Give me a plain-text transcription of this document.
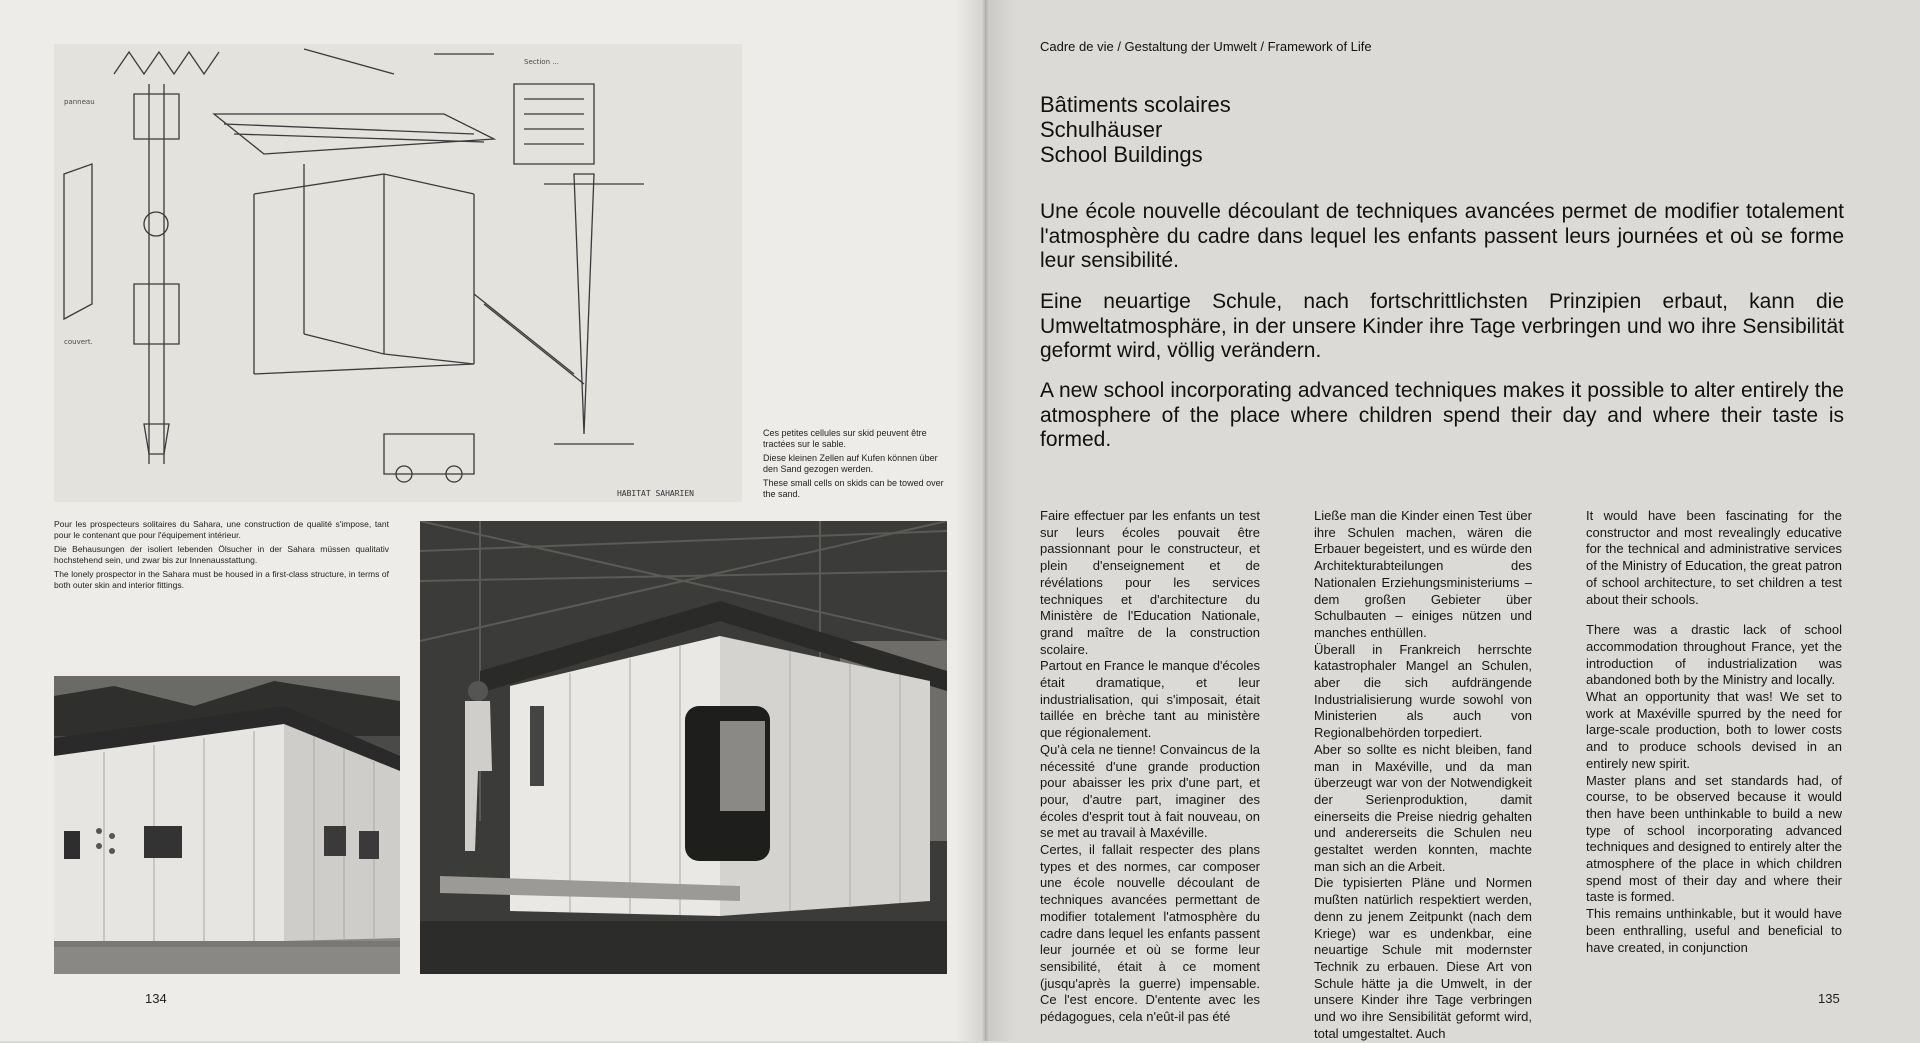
panneau
couvert.
Section ...
HABITAT SAHARIEN

Ces petites cellules sur skid peuvent être tractées sur le sable.

Diese kleinen Zellen auf Kufen können über den Sand gezogen werden.

These small cells on skids can be towed over the sand.

Pour les prospecteurs solitaires du Sahara, une construction de qualité s'impose, tant pour le contenant que pour l'équipement intérieur.

Die Behausungen der isoliert lebenden Ölsucher in der Sahara müssen qualitativ hochstehend sein, und zwar bis zur Innenausstattung.

The lonely prospector in the Sahara must be housed in a first-class structure, in terms of both outer skin and interior fittings.

134
Cadre de vie / Gestaltung der Umwelt / Framework of Life
Bâtiments scolaires
Schulhäuser
School Buildings
Une école nouvelle découlant de techniques avancées permet de modifier totalement l'atmosphère du cadre dans lequel les enfants passent leurs journées et où se forme leur sensibilité.
Eine neuartige Schule, nach fortschrittlichsten Prinzipien erbaut, kann die Umweltatmosphäre, in der unsere Kinder ihre Tage verbringen und wo ihre Sensibilität geformt wird, völlig verändern.
A new school incorporating advanced techniques makes it possible to alter entirely the atmosphere of the place where children spend their day and where their taste is formed.

Faire effectuer par les enfants un test sur leurs écoles pouvait être passionnant pour le constructeur, et plein d'enseignement et de révélations pour les services techniques et d'architecture du Ministère de l'Education Nationale, grand maître de la construction scolaire.

Partout en France le manque d'écoles était dramatique, et leur industrialisation, qui s'imposait, était taillée en brèche tant au ministère que régionalement.

Qu'à cela ne tienne! Convaincus de la nécessité d'une grande production pour abaisser les prix d'une part, et pour, d'autre part, imaginer des écoles d'esprit tout à fait nouveau, on se met au travail à Maxéville.

Certes, il fallait respecter des plans types et des normes, car composer une école nouvelle découlant de techniques avancées permettant de modifier totalement l'atmosphère du cadre dans lequel les enfants passent leur journée et où se forme leur sensibilité, était à ce moment (jusqu'après la guerre) impensable. Ce l'est encore. D'entente avec les pédagogues, cela n'eût-il pas été

Ließe man die Kinder einen Test über ihre Schulen machen, wären die Erbauer begeistert, und es würde den Architekturabteilungen des Nationalen Erziehungsministeriums – dem großen Gebieter über Schulbauten – einiges nützen und manches enthüllen.

Überall in Frankreich herrschte katastrophaler Mangel an Schulen, aber die sich aufdrängende Industrialisierung wurde sowohl von Ministerien als auch von Regionalbehörden torpediert.

Aber so sollte es nicht bleiben, fand man in Maxéville, und da man überzeugt war von der Notwendigkeit der Serienproduktion, damit einerseits die Preise niedrig gehalten und andererseits die Schulen neu gestaltet werden konnten, machte man sich an die Arbeit.

Die typisierten Pläne und Normen mußten natürlich respektiert werden, denn zu jenem Zeitpunkt (nach dem Kriege) war es undenkbar, eine neuartige Schule mit modernster Technik zu erbauen. Diese Art von Schule hätte ja die Umwelt, in der unsere Kinder ihre Tage verbringen und wo ihre Sensibilität geformt wird, total umgestaltet. Auch

It would have been fascinating for the constructor and most revealingly educative for the technical and administrative services of the Ministry of Education, the great patron of school architecture, to set children a test about their schools.

There was a drastic lack of school accommodation throughout France, yet the introduction of industrialization was abandoned both by the Ministry and locally.

What an opportunity that was! We set to work at Maxéville spurred by the need for large-scale production, both to lower costs and to produce schools devised in an entirely new spirit.

Master plans and set standards had, of course, to be observed because it would then have been unthinkable to build a new type of school incorporating advanced techniques and designed to entirely alter the atmosphere of the place in which children spend most of their day and where their taste is formed.

This remains unthinkable, but it would have been enthralling, useful and beneficial to have created, in conjunction

135
